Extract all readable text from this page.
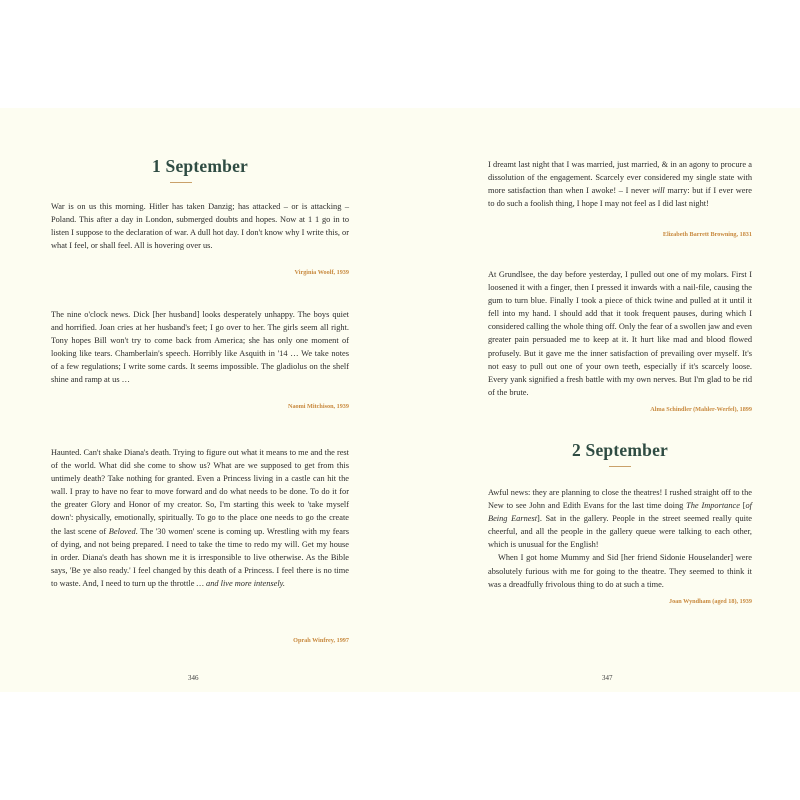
1 September

War is on us this morning. Hitler has taken Danzig; has attacked – or is attacking – Poland. This after a day in London, submerged doubts and hopes. Now at 1 1 go in to listen I suppose to the declaration of war. A dull hot day. I don't know why I write this, or what I feel, or shall feel. All is hovering over us.

Virginia Woolf, 1939

The nine o'clock news. Dick [her husband] looks desperately unhappy. The boys quiet and horrified. Joan cries at her husband's feet; I go over to her. The girls seem all right. Tony hopes Bill won't try to come back from America; she has only one moment of looking like tears. Chamberlain's speech. Horribly like Asquith in '14 … We take notes of a few regulations; I write some cards. It seems impossible. The gladiolus on the shelf shine and ramp at us …

Naomi Mitchison, 1939

Haunted. Can't shake Diana's death. Trying to figure out what it means to me and the rest of the world. What did she come to show us? What are we supposed to get from this untimely death? Take nothing for granted. Even a Princess living in a castle can hit the wall. I pray to have no fear to move forward and do what needs to be done. To do it for the greater Glory and Honor of my creator. So, I'm starting this week to 'take myself down': physically, emotionally, spiritually. To go to the place one needs to go the create the last scene of Beloved. The '30 women' scene is coming up. Wrestling with my fears of dying, and not being prepared. I need to take the time to redo my will. Get my house in order. Diana's death has shown me it is irresponsible to live otherwise. As the Bible says, 'Be ye also ready.' I feel changed by this death of a Princess. I feel there is no time to waste. And, I need to turn up the throttle … and live more intensely.

Oprah Winfrey, 1997
346

I dreamt last night that I was married, just married, & in an agony to procure a dissolution of the engagement. Scarcely ever considered my single state with more satisfaction than when I awoke! – I never will marry: but if I ever were to do such a foolish thing, I hope I may not feel as I did last night!

Elizabeth Barrett Browning, 1831

At Grundlsee, the day before yesterday, I pulled out one of my molars. First I loosened it with a finger, then I pressed it inwards with a nail-file, causing the gum to turn blue. Finally I took a piece of thick twine and pulled at it until it fell into my hand. I should add that it took frequent pauses, during which I considered calling the whole thing off. Only the fear of a swollen jaw and even greater pain persuaded me to keep at it. It hurt like mad and blood flowed profusely. But it gave me the inner satisfaction of prevailing over myself. It's not easy to pull out one of your own teeth, especially if it's scarcely loose. Every yank signified a fresh battle with my own nerves. But I'm glad to be rid of the brute.

Alma Schindler (Mahler-Werfel), 1899
2 September

Awful news: they are planning to close the theatres! I rushed straight off to the New to see John and Edith Evans for the last time doing The Importance [of Being Earnest]. Sat in the gallery. People in the street seemed really quite cheerful, and all the people in the gallery queue were talking to each other, which is unusual for the English!

When I got home Mummy and Sid [her friend Sidonie Houselander] were absolutely furious with me for going to the theatre. They seemed to think it was a dreadfully frivolous thing to do at such a time.

Joan Wyndham (aged 18), 1939
347
